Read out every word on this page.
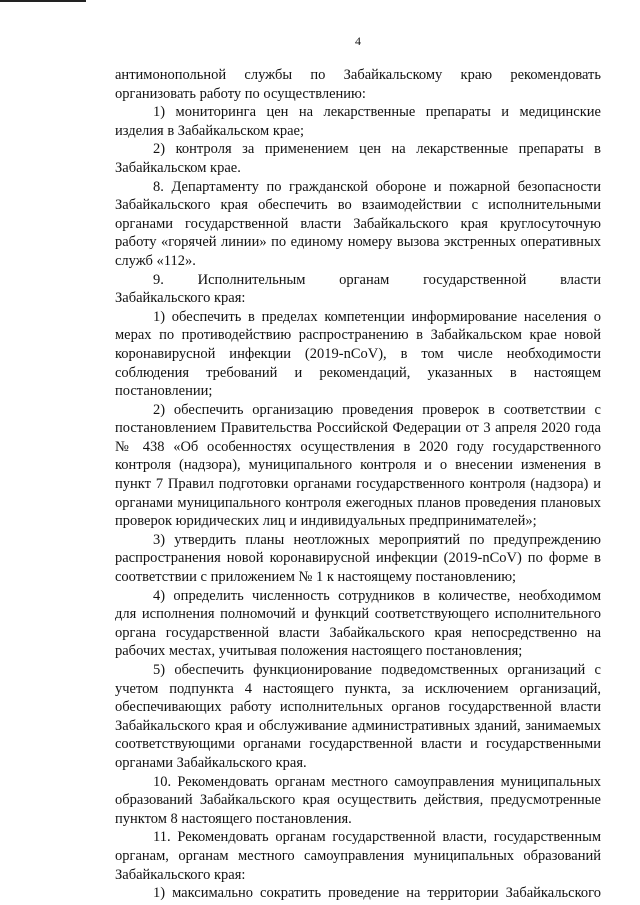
4
антимонопольной службы по Забайкальскому краю рекомендовать
организовать работу по осуществлению:
1) мониторинга цен на лекарственные препараты и медицинские
изделия в Забайкальском крае;
2) контроля за применением цен на лекарственные препараты в
Забайкальском крае.
8. Департаменту по гражданской обороне и пожарной безопасности
Забайкальского края обеспечить во взаимодействии с исполнительными
органами государственной власти Забайкальского края круглосуточную
работу «горячей линии» по единому номеру вызова экстренных оперативных
служб «112».
9. Исполнительным органам государственной власти
Забайкальского края:
1) обеспечить в пределах компетенции информирование населения о
мерах по противодействию распространению в Забайкальском крае новой
коронавирусной инфекции (2019-nCoV), в том числе необходимости
соблюдения требований и рекомендаций, указанных в настоящем
постановлении;
2) обеспечить организацию проведения проверок в соответствии с
постановлением Правительства Российской Федерации от 3 апреля 2020 года
№ 438 «Об особенностях осуществления в 2020 году государственного
контроля (надзора), муниципального контроля и о внесении изменения в
пункт 7 Правил подготовки органами государственного контроля (надзора) и
органами муниципального контроля ежегодных планов проведения плановых
проверок юридических лиц и индивидуальных предпринимателей»;
3) утвердить планы неотложных мероприятий по предупреждению
распространения новой коронавирусной инфекции (2019-nCoV) по форме в
соответствии с приложением № 1 к настоящему постановлению;
4) определить численность сотрудников в количестве, необходимом
для исполнения полномочий и функций соответствующего исполнительного
органа государственной власти Забайкальского края непосредственно на
рабочих местах, учитывая положения настоящего постановления;
5) обеспечить функционирование подведомственных организаций с
учетом подпункта 4 настоящего пункта, за исключением организаций,
обеспечивающих работу исполнительных органов государственной власти
Забайкальского края и обслуживание административных зданий, занимаемых
соответствующими органами государственной власти и государственными
органами Забайкальского края.
10. Рекомендовать органам местного самоуправления муниципальных
образований Забайкальского края осуществить действия, предусмотренные
пунктом 8 настоящего постановления.
11. Рекомендовать органам государственной власти, государственным
органам, органам местного самоуправления муниципальных образований
Забайкальского края:
1) максимально сократить проведение на территории Забайкальского
